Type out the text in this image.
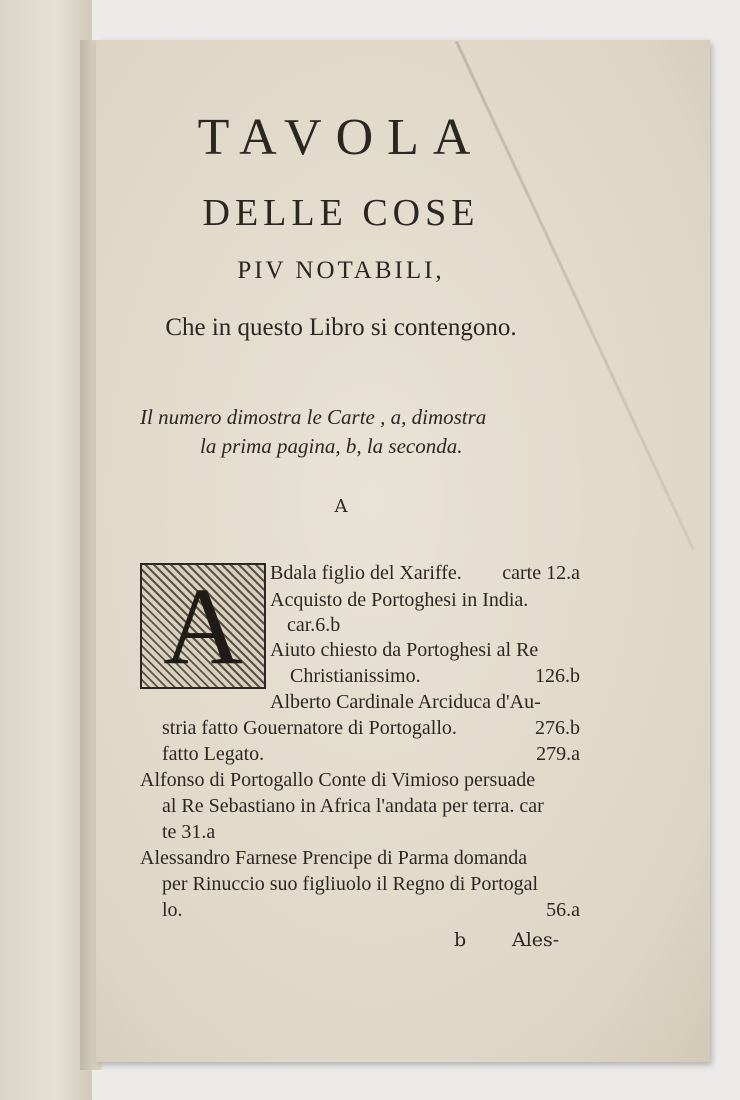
TAVOLA
DELLE COSE
PIV NOTABILI,
Che in questo Libro si contengono.
Il numero dimostra le Carte , a, dimostra
la prima pagina, b, la seconda.
A
A	Bdala figlio del Xariffe. carte 12.a
Acquisto de Portoghesi in India.
car.6.b
Aiuto chiesto da Portoghesi al Re
Christianissimo.	126.b
Alberto Cardinale Arciduca d'Au-
stria fatto Gouernatore di Portogallo.	276.b
fatto Legato.	279.a
Alfonso di Portogallo Conte di Vimioso persuade
al Re Sebastiano in Africa l'andata per terra. car
te 31.a
Alessandro Farnese Prencipe di Parma domanda
per Rinuccio suo figliuolo il Regno di Portogal
lo.	56.a
b Ales-
